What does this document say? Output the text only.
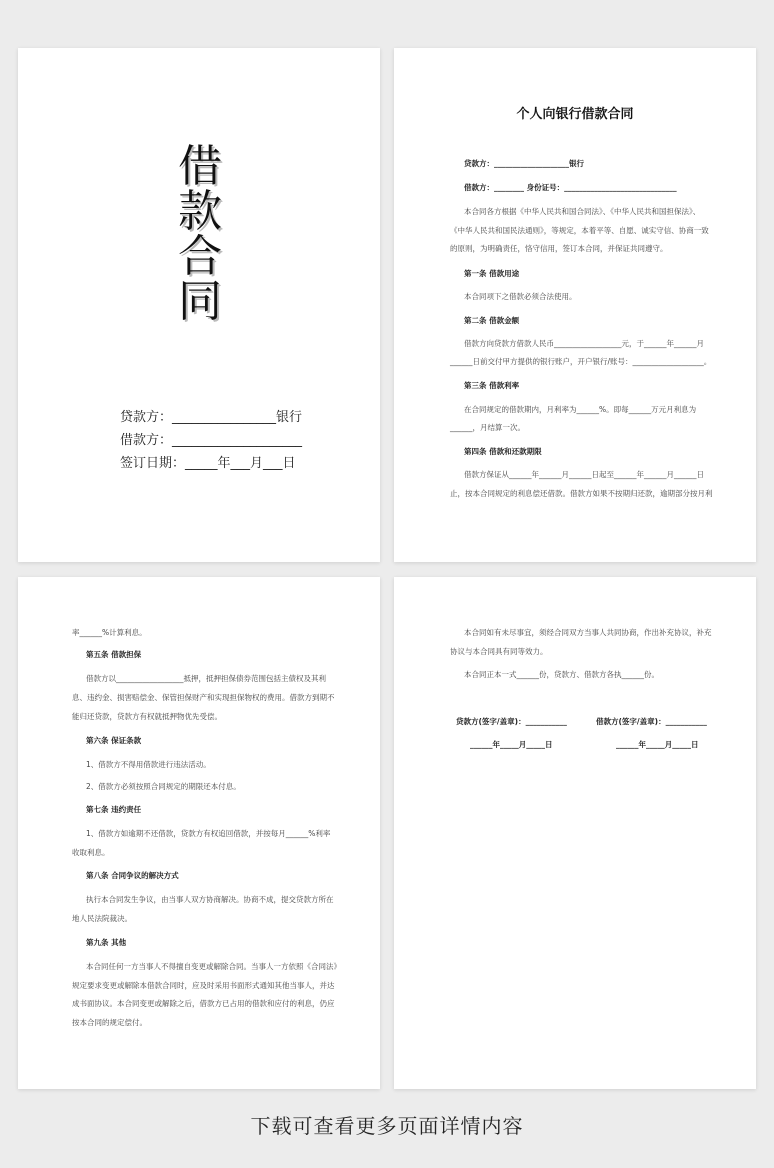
借
款
合
同
贷款方：________________银行
借款方：____________________
签订日期：_____年___月___日
个人向银行借款合同
贷款方：____________________银行
借款方：________ 身份证号：______________________________
本合同各方根据《中华人民共和国合同法》、《中华人民共和国担保法》、
《中华人民共和国民法通则》，等规定，本着平等、自愿、诚实守信、协商一致
的原则，为明确责任，恪守信用，签订本合同，并保证共同遵守。
第一条 借款用途
本合同项下之借款必须合法使用。
第二条 借款金额
借款方向贷款方借款人民币__________________元，于______年______月
______日前交付甲方提供的银行账户，开户银行/账号：___________________。
第三条 借款利率
在合同规定的借款期内，月利率为______%。即每______万元月利息为
______，月结算一次。
第四条 借款和还款期限
借款方保证从______年______月______日起至______年______月______日
止，按本合同规定的利息偿还借款。借款方如果不按期归还款，逾期部分按月利
率______%计算利息。
第五条 借款担保
借款方以__________________抵押，抵押担保债券范围包括主债权及其利
息、违约金、损害赔偿金、保管担保财产和实现担保物权的费用。借款方到期不
能归还贷款，贷款方有权就抵押物优先受偿。
第六条 保证条款
1、借款方不得用借款进行违法活动。
2、借款方必须按照合同规定的期限还本付息。
第七条 违约责任
1、借款方如逾期不还借款，贷款方有权追回借款，并按每月______%利率
收取利息。
第八条 合同争议的解决方式
执行本合同发生争议，由当事人双方协商解决。协商不成，提交贷款方所在
地人民法院裁决。
第九条 其他
本合同任何一方当事人不得擅自变更或解除合同。当事人一方依照《合同法》
规定要求变更或解除本借款合同时，应及时采用书面形式通知其他当事人，并达
成书面协议。本合同变更或解除之后，借款方已占用的借款和应付的利息，仍应
按本合同的规定偿付。
本合同如有未尽事宜，须经合同双方当事人共同协商，作出补充协议，补充
协议与本合同具有同等效力。
本合同正本一式______份，贷款方、借款方各执______份。
贷款方(签字/盖章)：___________	借款方(签字/盖章)：___________
______年_____月_____日	______年_____月_____日
下载可查看更多页面详情内容
